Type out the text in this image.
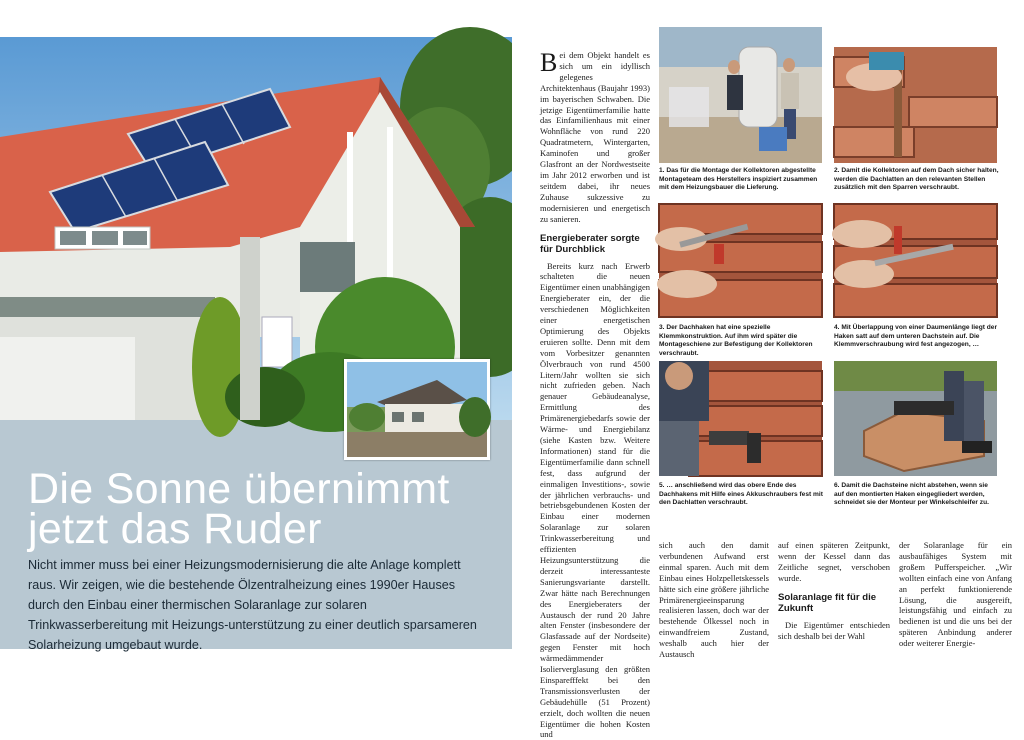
Die Sonne übernimmt
jetzt das Ruder

Nicht immer muss bei einer Heizungsmodernisierung die alte Anlage komplett raus. Wir zeigen, wie die bestehende Ölzentralheizung eines 1990er Hauses durch den Einbau einer thermischen Solaranlage zur solaren Trinkwasserbereitung mit Heizungs-unterstützung zu einer deutlich sparsameren Solarheizung umgebaut wurde.

Bei dem Objekt handelt es sich um ein idyllisch gelegenes Architektenhaus (Baujahr 1993) im bayerischen Schwaben. Die jetzige Eigentümerfamilie hatte das Einfamilienhaus mit einer Wohnfläche von rund 220 Quadratmetern, Wintergarten, Kaminofen und großer Glasfront an der Nordwestseite im Jahr 2012 erworben und ist seitdem dabei, ihr neues Zuhause sukzessive zu modernisieren und energetisch zu sanieren.

Energieberater sorgte für Durchblick

Bereits kurz nach Erwerb schalteten die neuen Eigentümer einen unabhängigen Energieberater ein, der die verschiedenen Möglichkeiten einer energetischen Optimierung des Objekts eruieren sollte. Denn mit dem vom Vorbesitzer genannten Ölverbrauch von rund 4500 Litern/Jahr wollten sie sich nicht zufrieden geben. Nach genauer Gebäudeanalyse, Ermittlung des Primärenergiebedarfs sowie der Wärme- und Energiebilanz (siehe Kasten bzw. Weitere Informationen) stand für die Eigentümerfamilie dann schnell fest, dass aufgrund der einmaligen Investitions-, sowie der jährlichen verbrauchs- und betriebsgebundenen Kosten der Einbau einer modernen Solaranlage zur solaren Trinkwasserbereitung und effizienten Heizungsunterstützung die derzeit interessanteste Sanierungsvariante darstellt. Zwar hätte nach Berechnungen des Energieberaters der Austausch der rund 20 Jahre alten Fenster (insbesondere der Glasfassade auf der Nordseite) gegen Fenster mit hoch wärmedämmender Isolierverglasung den größten Einsparefffekt bei den Transmissionsverlusten der Gebäudehülle (51 Prozent) erzielt, doch wollten die neuen Eigentümer die hohen Kosten und

sich auch den damit verbundenen Aufwand erst einmal sparen. Auch mit dem Einbau eines Holzpelletskessels hätte sich eine größere jährliche Primärenergieeinsparung realisieren lassen, doch war der bestehende Ölkessel noch in einwandfreiem Zustand, weshalb auch hier der Austausch

auf einen späteren Zeitpunkt, wenn der Kessel dann das Zeitliche segnet, verschoben wurde.

Solaranlage fit für die Zukunft

Die Eigentümer entschieden sich deshalb bei der Wahl

der Solaranlage für ein ausbaufähiges System mit großem Pufferspeicher. „Wir wollten einfach eine von Anfang an perfekt funktionierende Lösung, die ausgereift, leistungsfähig und einfach zu bedienen ist und die uns bei der späteren Anbindung anderer oder weiterer Energie-

1. Das für die Montage der Kollektoren abgestellte Montageteam des Herstellers inspiziert zusammen mit dem Heizungsbauer die Lieferung.
2. Damit die Kollektoren auf dem Dach sicher halten, werden die Dachlatten an den relevanten Stellen zusätzlich mit den Sparren verschraubt.
3. Der Dachhaken hat eine spezielle Klemmkonstruktion. Auf ihm wird später die Montageschiene zur Befestigung der Kollektoren verschraubt.
4. Mit Überlappung von einer Daumenlänge liegt der Haken satt auf dem unteren Dachstein auf. Die Klemmverschraubung wird fest angezogen, …
5. … anschließend wird das obere Ende des Dachhakens mit Hilfe eines Akkuschraubers fest mit den Dachlatten verschraubt.
6. Damit die Dachsteine nicht abstehen, wenn sie auf den montierten Haken eingegliedert werden, schneidet sie der Monteur per Winkelschleifer zu.
